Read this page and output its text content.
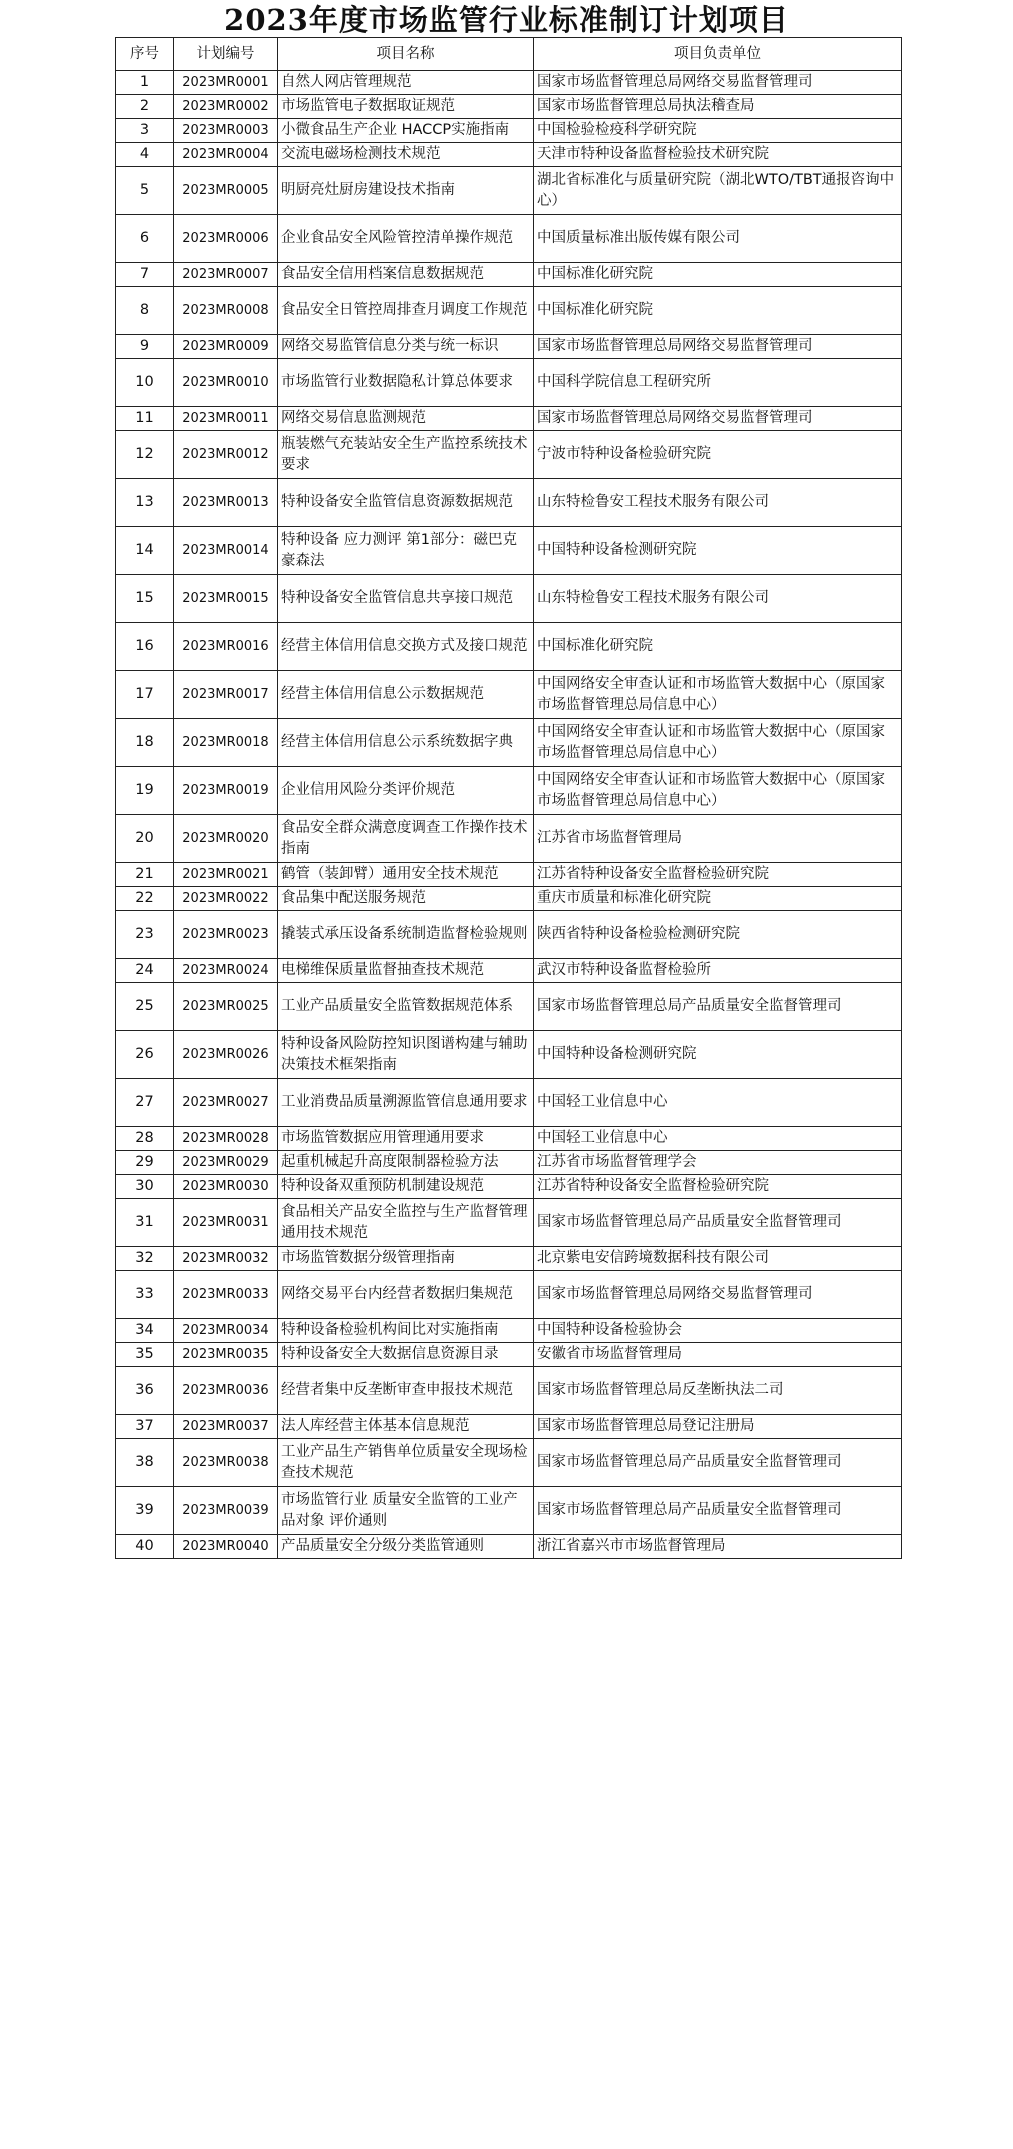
2023年度市场监管行业标准制订计划项目
序号	计划编号	项目名称	项目负责单位
1	2023MR0001	自然人网店管理规范	国家市场监督管理总局网络交易监督管理司
2	2023MR0002	市场监管电子数据取证规范	国家市场监督管理总局执法稽查局
3	2023MR0003	小微食品生产企业 HACCP实施指南	中国检验检疫科学研究院
4	2023MR0004	交流电磁场检测技术规范	天津市特种设备监督检验技术研究院
5	2023MR0005	明厨亮灶厨房建设技术指南	湖北省标准化与质量研究院（湖北WTO/TBT通报咨询中心）
6	2023MR0006	企业食品安全风险管控清单操作规范	中国质量标准出版传媒有限公司
7	2023MR0007	食品安全信用档案信息数据规范	中国标准化研究院
8	2023MR0008	食品安全日管控周排查月调度工作规范	中国标准化研究院
9	2023MR0009	网络交易监管信息分类与统一标识	国家市场监督管理总局网络交易监督管理司
10	2023MR0010	市场监管行业数据隐私计算总体要求	中国科学院信息工程研究所
11	2023MR0011	网络交易信息监测规范	国家市场监督管理总局网络交易监督管理司
12	2023MR0012	瓶装燃气充装站安全生产监控系统技术要求	宁波市特种设备检验研究院
13	2023MR0013	特种设备安全监管信息资源数据规范	山东特检鲁安工程技术服务有限公司
14	2023MR0014	特种设备 应力测评 第1部分：磁巴克豪森法	中国特种设备检测研究院
15	2023MR0015	特种设备安全监管信息共享接口规范	山东特检鲁安工程技术服务有限公司
16	2023MR0016	经营主体信用信息交换方式及接口规范	中国标准化研究院
17	2023MR0017	经营主体信用信息公示数据规范	中国网络安全审查认证和市场监管大数据中心（原国家市场监督管理总局信息中心）
18	2023MR0018	经营主体信用信息公示系统数据字典	中国网络安全审查认证和市场监管大数据中心（原国家市场监督管理总局信息中心）
19	2023MR0019	企业信用风险分类评价规范	中国网络安全审查认证和市场监管大数据中心（原国家市场监督管理总局信息中心）
20	2023MR0020	食品安全群众满意度调查工作操作技术指南	江苏省市场监督管理局
21	2023MR0021	鹤管（装卸臂）通用安全技术规范	江苏省特种设备安全监督检验研究院
22	2023MR0022	食品集中配送服务规范	重庆市质量和标准化研究院
23	2023MR0023	撬装式承压设备系统制造监督检验规则	陕西省特种设备检验检测研究院
24	2023MR0024	电梯维保质量监督抽查技术规范	武汉市特种设备监督检验所
25	2023MR0025	工业产品质量安全监管数据规范体系	国家市场监督管理总局产品质量安全监督管理司
26	2023MR0026	特种设备风险防控知识图谱构建与辅助决策技术框架指南	中国特种设备检测研究院
27	2023MR0027	工业消费品质量溯源监管信息通用要求	中国轻工业信息中心
28	2023MR0028	市场监管数据应用管理通用要求	中国轻工业信息中心
29	2023MR0029	起重机械起升高度限制器检验方法	江苏省市场监督管理学会
30	2023MR0030	特种设备双重预防机制建设规范	江苏省特种设备安全监督检验研究院
31	2023MR0031	食品相关产品安全监控与生产监督管理通用技术规范	国家市场监督管理总局产品质量安全监督管理司
32	2023MR0032	市场监管数据分级管理指南	北京紫电安信跨境数据科技有限公司
33	2023MR0033	网络交易平台内经营者数据归集规范	国家市场监督管理总局网络交易监督管理司
34	2023MR0034	特种设备检验机构间比对实施指南	中国特种设备检验协会
35	2023MR0035	特种设备安全大数据信息资源目录	安徽省市场监督管理局
36	2023MR0036	经营者集中反垄断审查申报技术规范	国家市场监督管理总局反垄断执法二司
37	2023MR0037	法人库经营主体基本信息规范	国家市场监督管理总局登记注册局
38	2023MR0038	工业产品生产销售单位质量安全现场检查技术规范	国家市场监督管理总局产品质量安全监督管理司
39	2023MR0039	市场监管行业 质量安全监管的工业产品对象 评价通则	国家市场监督管理总局产品质量安全监督管理司
40	2023MR0040	产品质量安全分级分类监管通则	浙江省嘉兴市市场监督管理局
